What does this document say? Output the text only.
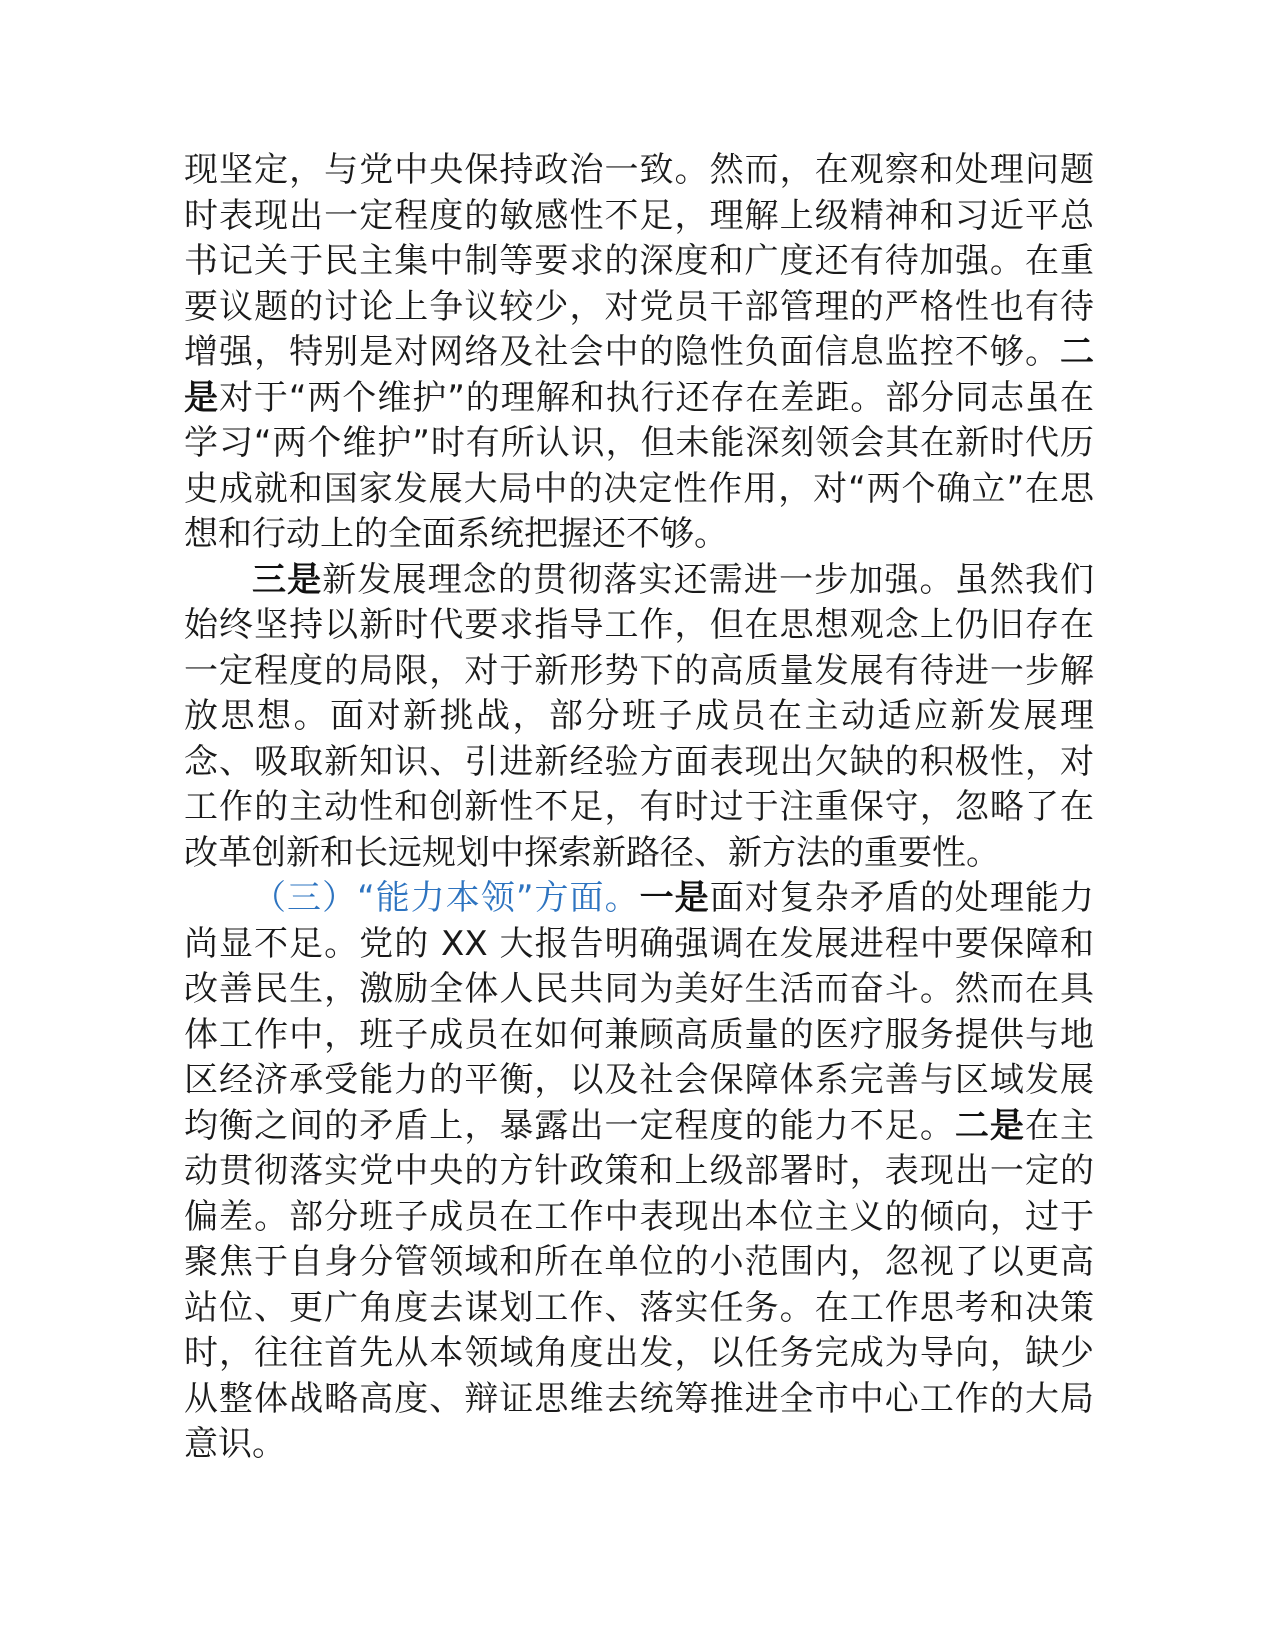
现坚定，与党中央保持政治一致。然而，在观察和处理问题时表现出一定程度的敏感性不足，理解上级精神和习近平总书记关于民主集中制等要求的深度和广度还有待加强。在重要议题的讨论上争议较少，对党员干部管理的严格性也有待增强，特别是对网络及社会中的隐性负面信息监控不够。二是对于“两个维护”的理解和执行还存在差距。部分同志虽在学习“两个维护”时有所认识，但未能深刻领会其在新时代历史成就和国家发展大局中的决定性作用，对“两个确立”在思想和行动上的全面系统把握还不够。

三是新发展理念的贯彻落实还需进一步加强。虽然我们始终坚持以新时代要求指导工作，但在思想观念上仍旧存在一定程度的局限，对于新形势下的高质量发展有待进一步解放思想。面对新挑战，部分班子成员在主动适应新发展理念、吸取新知识、引进新经验方面表现出欠缺的积极性，对工作的主动性和创新性不足，有时过于注重保守，忽略了在改革创新和长远规划中探索新路径、新方法的重要性。

（三）“能力本领”方面。一是面对复杂矛盾的处理能力尚显不足。党的 XX 大报告明确强调在发展进程中要保障和改善民生，激励全体人民共同为美好生活而奋斗。然而在具体工作中，班子成员在如何兼顾高质量的医疗服务提供与地区经济承受能力的平衡，以及社会保障体系完善与区域发展均衡之间的矛盾上，暴露出一定程度的能力不足。二是在主动贯彻落实党中央的方针政策和上级部署时，表现出一定的偏差。部分班子成员在工作中表现出本位主义的倾向，过于聚焦于自身分管领域和所在单位的小范围内，忽视了以更高站位、更广角度去谋划工作、落实任务。在工作思考和决策时，往往首先从本领域角度出发，以任务完成为导向，缺少从整体战略高度、辩证思维去统筹推进全市中心工作的大局意识。
